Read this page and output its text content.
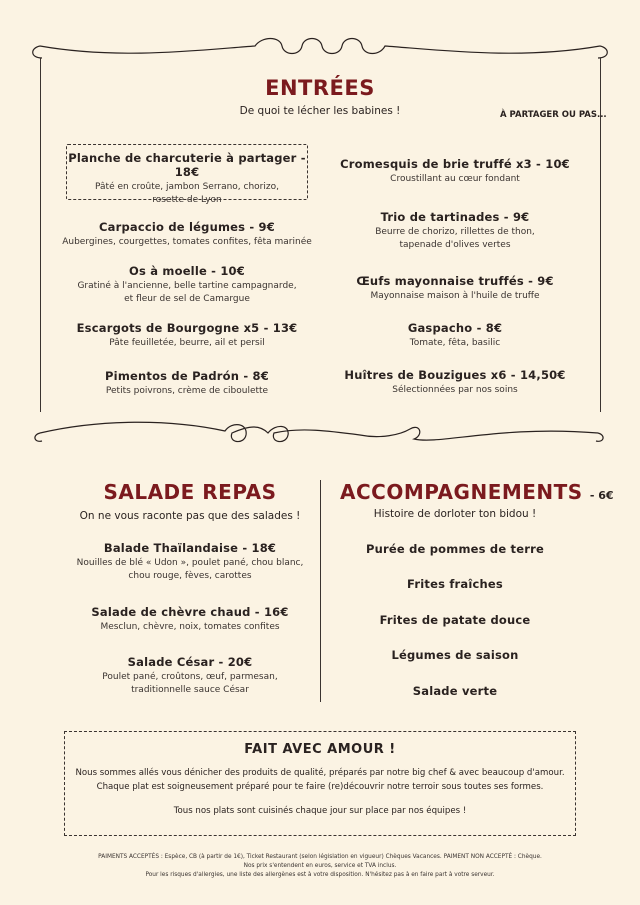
ENTRÉES
De quoi te lécher les babines !	À PARTAGER OU PAS...
Planche de charcuterie à partager - 18€
Pâté en croûte, jambon Serrano, chorizo,
rosette de Lyon
Carpaccio de légumes - 9€
Aubergines, courgettes, tomates confites, fêta marinée
Os à moelle - 10€
Gratiné à l'ancienne, belle tartine campagnarde,
et fleur de sel de Camargue
Escargots de Bourgogne x5 - 13€
Pâte feuilletée, beurre, ail et persil
Pimentos de Padrón - 8€
Petits poivrons, crème de ciboulette
Cromesquis de brie truffé x3 - 10€
Croustillant au cœur fondant
Trio de tartinades - 9€
Beurre de chorizo, rillettes de thon,
tapenade d'olives vertes
Œufs mayonnaise truffés - 9€
Mayonnaise maison à l'huile de truffe
Gaspacho - 8€
Tomate, fêta, basilic
Huîtres de Bouzigues x6 - 14,50€
Sélectionnées par nos soins
SALADE REPAS
On ne vous raconte pas que des salades !
Balade Thaïlandaise - 18€
Nouilles de blé « Udon », poulet pané, chou blanc,
chou rouge, fèves, carottes
Salade de chèvre chaud - 16€
Mesclun, chèvre, noix, tomates confites
Salade César - 20€
Poulet pané, croûtons, œuf, parmesan,
traditionnelle sauce César
ACCOMPAGNEMENTS - 6€
Histoire de dorloter ton bidou !
Purée de pommes de terre
Frites fraîches
Frites de patate douce
Légumes de saison
Salade verte
FAIT AVEC AMOUR !
Nous sommes allés vous dénicher des produits de qualité, préparés par notre big chef & avec beaucoup d'amour.
Chaque plat est soigneusement préparé pour te faire (re)découvrir notre terroir sous toutes ses formes.
Tous nos plats sont cuisinés chaque jour sur place par nos équipes !
PAIMENTS ACCEPTÉS : Espèce, CB (à partir de 1€), Ticket Restaurant (selon législation en vigueur) Chèques Vacances. PAIMENT NON ACCEPTÉ : Chèque.
Nos prix s'entendent en euros, service et TVA inclus.
Pour les risques d'allergies, une liste des allergènes est à votre disposition. N'hésitez pas à en faire part à votre serveur.
